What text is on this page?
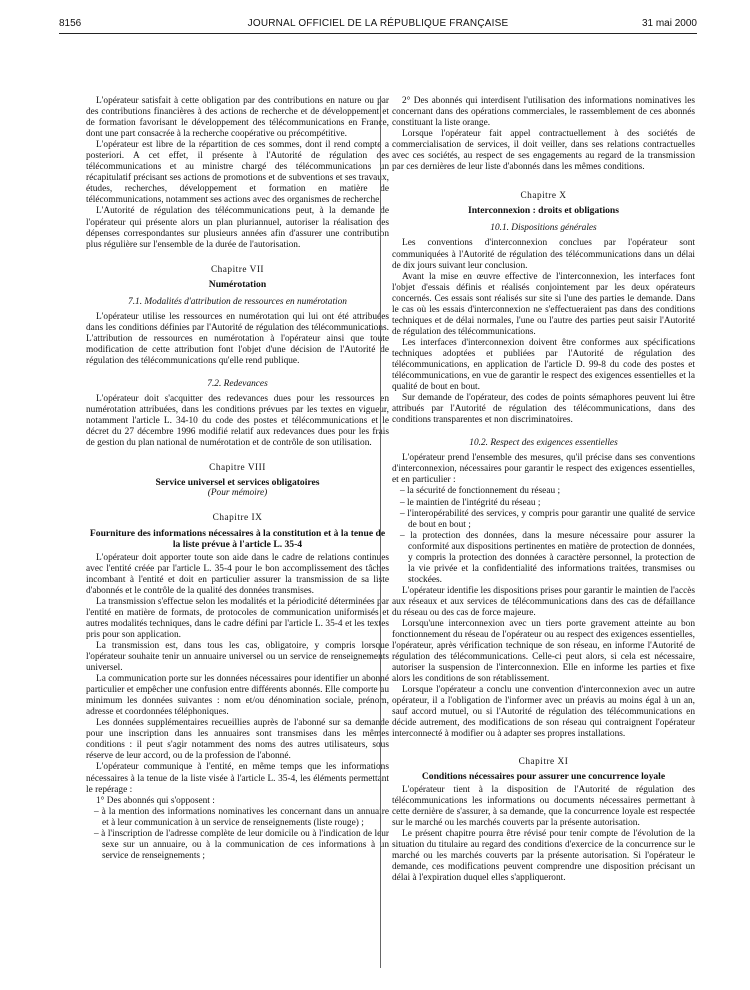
8156	JOURNAL OFFICIEL DE LA RÉPUBLIQUE FRANÇAISE	31 mai 2000

L'opérateur satisfait à cette obligation par des contributions en nature ou par des contributions financières à des actions de recherche et de développement et de formation favorisant le développement des télécommunications en France, dont une part consacrée à la recherche coopérative ou précompétitive.

L'opérateur est libre de la répartition de ces sommes, dont il rend compte a posteriori. A cet effet, il présente à l'Autorité de régulation des télécommunications et au ministre chargé des télécommunications un récapitulatif précisant ses actions de promotions et de subventions et ses travaux, études, recherches, développement et formation en matière de télécommunications, notamment ses actions avec des organismes de recherche.

L'Autorité de régulation des télécommunications peut, à la demande de l'opérateur qui présente alors un plan pluriannuel, autoriser la réalisation des dépenses correspondantes sur plusieurs années afin d'assurer une contribution plus régulière sur l'ensemble de la durée de l'autorisation.

Chapitre VII
Numérotation
7.1. Modalités d'attribution de ressources en numérotation

L'opérateur utilise les ressources en numérotation qui lui ont été attribuées dans les conditions définies par l'Autorité de régulation des télécommunications. L'attribution de ressources en numérotation à l'opérateur ainsi que toute modification de cette attribution font l'objet d'une décision de l'Autorité de régulation des télécommunications qu'elle rend publique.

7.2. Redevances

L'opérateur doit s'acquitter des redevances dues pour les ressources en numérotation attribuées, dans les conditions prévues par les textes en vigueur, notamment l'article L. 34-10 du code des postes et télécommunications et le décret du 27 décembre 1996 modifié relatif aux redevances dues pour les frais de gestion du plan national de numérotation et de contrôle de son utilisation.

Chapitre VIII
Service universel et services obligatoires
(Pour mémoire)
Chapitre IX
Fourniture des informations nécessaires à la constitution et à la tenue de la liste prévue à l'article L. 35-4

L'opérateur doit apporter toute son aide dans le cadre de relations continues avec l'entité créée par l'article L. 35-4 pour le bon accomplissement des tâches incombant à l'entité et doit en particulier assurer la transmission de sa liste d'abonnés et le contrôle de la qualité des données transmises.

La transmission s'effectue selon les modalités et la périodicité déterminées par l'entité en matière de formats, de protocoles de communication uniformisés et autres modalités techniques, dans le cadre défini par l'article L. 35-4 et les textes pris pour son application.

La transmission est, dans tous les cas, obligatoire, y compris lorsque l'opérateur souhaite tenir un annuaire universel ou un service de renseignements universel.

La communication porte sur les données nécessaires pour identifier un abonné particulier et empêcher une confusion entre différents abonnés. Elle comporte au minimum les données suivantes : nom et/ou dénomination sociale, prénom, adresse et coordonnées téléphoniques.

Les données supplémentaires recueillies auprès de l'abonné sur sa demande pour une inscription dans les annuaires sont transmises dans les mêmes conditions : il peut s'agir notamment des noms des autres utilisateurs, sous réserve de leur accord, ou de la profession de l'abonné.

L'opérateur communique à l'entité, en même temps que les informations nécessaires à la tenue de la liste visée à l'article L. 35-4, les éléments permettant le repérage :

1° Des abonnés qui s'opposent :

– à la mention des informations nominatives les concernant dans un annuaire et à leur communication à un service de renseignements (liste rouge) ;
– à l'inscription de l'adresse complète de leur domicile ou à l'indication de leur sexe sur un annuaire, ou à la communication de ces informations à un service de renseignements ;

2° Des abonnés qui interdisent l'utilisation des informations nominatives les concernant dans des opérations commerciales, le rassemblement de ces abonnés constituant la liste orange.

Lorsque l'opérateur fait appel contractuellement à des sociétés de commercialisation de services, il doit veiller, dans ses relations contractuelles avec ces sociétés, au respect de ses engagements au regard de la transmission par ces dernières de leur liste d'abonnés dans les mêmes conditions.

Chapitre X
Interconnexion : droits et obligations
10.1. Dispositions générales

Les conventions d'interconnexion conclues par l'opérateur sont communiquées à l'Autorité de régulation des télécommunications dans un délai de dix jours suivant leur conclusion.

Avant la mise en œuvre effective de l'interconnexion, les interfaces font l'objet d'essais définis et réalisés conjointement par les deux opérateurs concernés. Ces essais sont réalisés sur site si l'une des parties le demande. Dans le cas où les essais d'interconnexion ne s'effectueraient pas dans des conditions techniques et de délai normales, l'une ou l'autre des parties peut saisir l'Autorité de régulation des télécommunications.

Les interfaces d'interconnexion doivent être conformes aux spécifications techniques adoptées et publiées par l'Autorité de régulation des télécommunications, en application de l'article D. 99-8 du code des postes et télécommunications, en vue de garantir le respect des exigences essentielles et la qualité de bout en bout.

Sur demande de l'opérateur, des codes de points sémaphores peuvent lui être attribués par l'Autorité de régulation des télécommunications, dans des conditions transparentes et non discriminatoires.

10.2. Respect des exigences essentielles

L'opérateur prend l'ensemble des mesures, qu'il précise dans ses conventions d'interconnexion, nécessaires pour garantir le respect des exigences essentielles, et en particulier :

– la sécurité de fonctionnement du réseau ;
– le maintien de l'intégrité du réseau ;
– l'interopérabilité des services, y compris pour garantir une qualité de service de bout en bout ;
– la protection des données, dans la mesure nécessaire pour assurer la conformité aux dispositions pertinentes en matière de protection de données, y compris la protection des données à caractère personnel, la protection de la vie privée et la confidentialité des informations traitées, transmises ou stockées.

L'opérateur identifie les dispositions prises pour garantir le maintien de l'accès aux réseaux et aux services de télécommunications dans des cas de défaillance du réseau ou des cas de force majeure.

Lorsqu'une interconnexion avec un tiers porte gravement atteinte au bon fonctionnement du réseau de l'opérateur ou au respect des exigences essentielles, l'opérateur, après vérification technique de son réseau, en informe l'Autorité de régulation des télécommunications. Celle-ci peut alors, si cela est nécessaire, autoriser la suspension de l'interconnexion. Elle en informe les parties et fixe alors les conditions de son rétablissement.

Lorsque l'opérateur a conclu une convention d'interconnexion avec un autre opérateur, il a l'obligation de l'informer avec un préavis au moins égal à un an, sauf accord mutuel, ou si l'Autorité de régulation des télécommunications en décide autrement, des modifications de son réseau qui contraignent l'opérateur interconnecté à modifier ou à adapter ses propres installations.

Chapitre XI
Conditions nécessaires pour assurer une concurrence loyale

L'opérateur tient à la disposition de l'Autorité de régulation des télécommunications les informations ou documents nécessaires permettant à cette dernière de s'assurer, à sa demande, que la concurrence loyale est respectée sur le marché ou les marchés couverts par la présente autorisation.

Le présent chapitre pourra être révisé pour tenir compte de l'évolution de la situation du titulaire au regard des conditions d'exercice de la concurrence sur le marché ou les marchés couverts par la présente autorisation. Si l'opérateur le demande, ces modifications peuvent comprendre une disposition précisant un délai à l'expiration duquel elles s'appliqueront.
